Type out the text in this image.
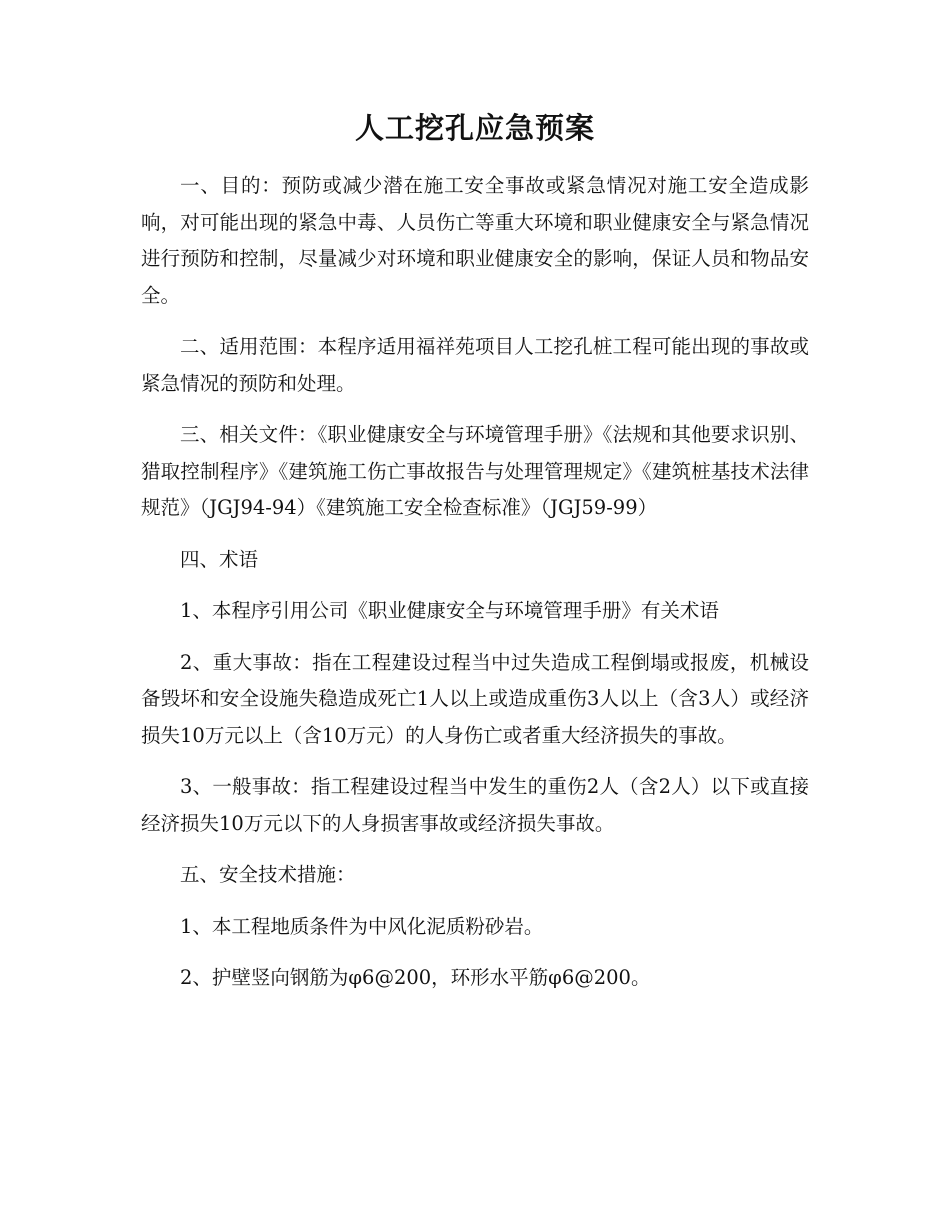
人工挖孔应急预案

一、目的：预防或减少潜在施工安全事故或紧急情况对施工安全造成影响，对可能出现的紧急中毒、人员伤亡等重大环境和职业健康安全与紧急情况进行预防和控制，尽量减少对环境和职业健康安全的影响，保证人员和物品安全。

二、适用范围：本程序适用福祥苑项目人工挖孔桩工程可能出现的事故或紧急情况的预防和处理。

三、相关文件：《职业健康安全与环境管理手册》《法规和其他要求识别、猎取控制程序》《建筑施工伤亡事故报告与处理管理规定》《建筑桩基技术法律规范》（JGJ94-94）《建筑施工安全检查标准》（JGJ59-99）

四、术语

1、本程序引用公司《职业健康安全与环境管理手册》有关术语

2、重大事故：指在工程建设过程当中过失造成工程倒塌或报废，机械设备毁坏和安全设施失稳造成死亡1人以上或造成重伤3人以上（含3人）或经济损失10万元以上（含10万元）的人身伤亡或者重大经济损失的事故。

3、一般事故：指工程建设过程当中发生的重伤2人（含2人）以下或直接经济损失10万元以下的人身损害事故或经济损失事故。

五、安全技术措施：

1、本工程地质条件为中风化泥质粉砂岩。

2、护壁竖向钢筋为φ6@200，环形水平筋φ6@200。
